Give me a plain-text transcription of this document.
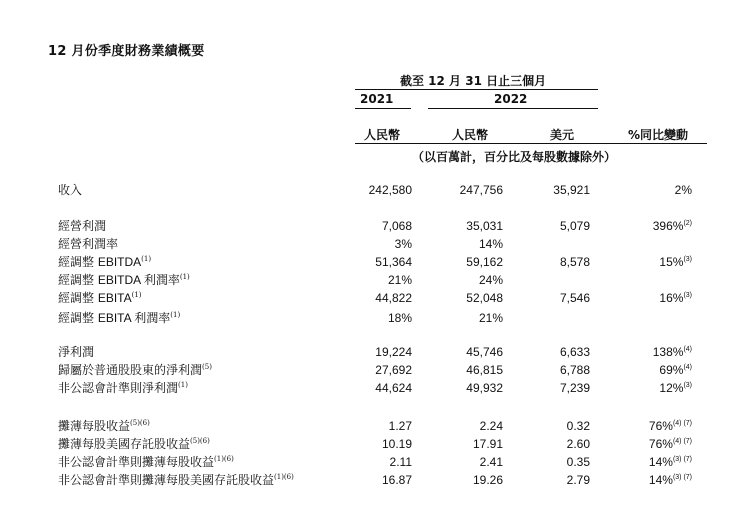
12 月份季度財務業績概要
截至 12 月 31 日止三個月
2021	2022
人民幣	人民幣	美元	%同比變動
（以百萬計，百分比及每股數據除外）
收入	242,580	247,756	35,921	2%
經營利潤	7,068	35,031	5,079	396%$^{(2)}$
經營利潤率	3%	14%
經調整 EBITDA$^{(1)}$	51,364	59,162	8,578	15%$^{(3)}$
經調整 EBITDA 利潤率$^{(1)}$	21%	24%
經調整 EBITA$^{(1)}$	44,822	52,048	7,546	16%$^{(3)}$
經調整 EBITA 利潤率$^{(1)}$	18%	21%
淨利潤	19,224	45,746	6,633	138%$^{(4)}$
歸屬於普通股股東的淨利潤$^{(5)}$	27,692	46,815	6,788	69%$^{(4)}$
非公認會計準則淨利潤$^{(1)}$	44,624	49,932	7,239	12%$^{(3)}$
攤薄每股收益$^{(5)(6)}$	1.27	2.24	0.32	76%$^{(4) (7)}$
攤薄每股美國存託股收益$^{(5)(6)}$	10.19	17.91	2.60	76%$^{(4) (7)}$
非公認會計準則攤薄每股收益$^{(1)(6)}$	2.11	2.41	0.35	14%$^{(3) (7)}$
非公認會計準則攤薄每股美國存託股收益$^{(1)(6)}$	16.87	19.26	2.79	14%$^{(3) (7)}$
